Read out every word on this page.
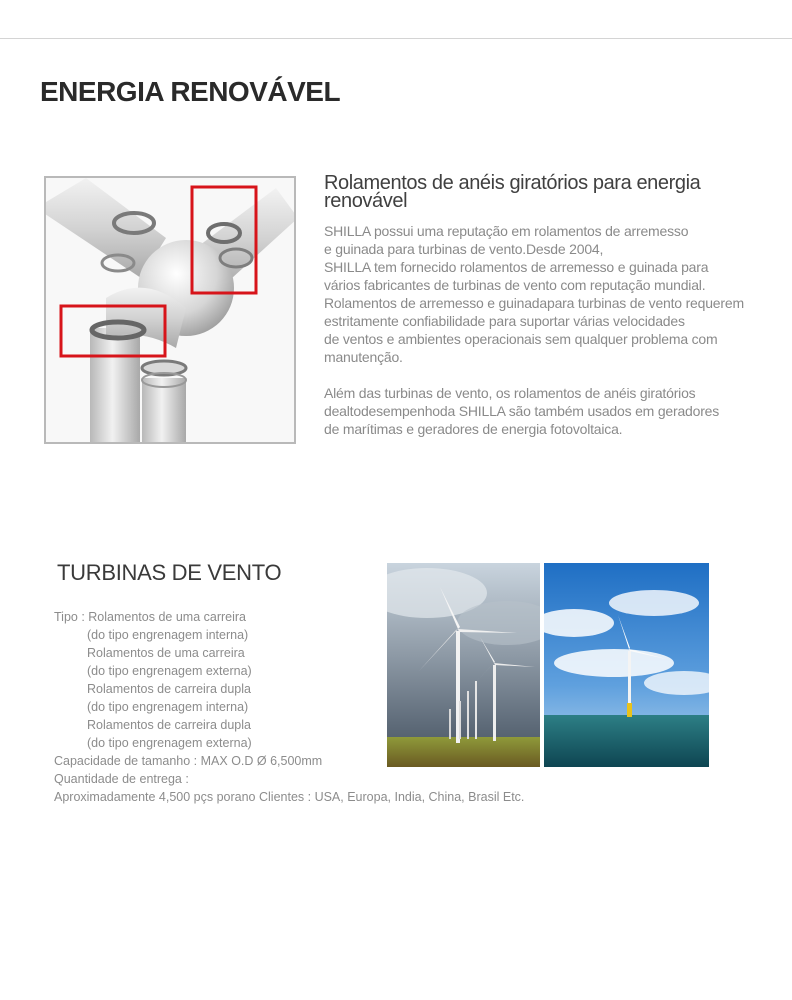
ENERGIA RENOVÁVEL
Rolamentos de anéis giratórios para energia renovável
SHILLA possui uma reputação em rolamentos de arremesso
e guinada para turbinas de vento.Desde 2004,
SHILLA tem fornecido rolamentos de arremesso e guinada para
vários fabricantes de turbinas de vento com reputação mundial.
Rolamentos de arremesso e guinadapara turbinas de vento requerem
estritamente confiabilidade para suportar várias velocidades
de ventos e ambientes operacionais sem qualquer problema com
manutenção.
Além das turbinas de vento, os rolamentos de anéis giratórios
dealtodesempenhoda SHILLA são também usados em geradores
de marítimas e geradores de energia fotovoltaica.
TURBINAS DE VENTO
Tipo : Rolamentos de uma carreira
(do tipo engrenagem interna)
Rolamentos de uma carreira
(do tipo engrenagem externa)
Rolamentos de carreira dupla
(do tipo engrenagem interna)
Rolamentos de carreira dupla
(do tipo engrenagem externa)
Capacidade de tamanho : MAX O.D Ø 6,500mm
Quantidade de entrega :
Aproximadamente 4,500 pçs porano Clientes : USA, Europa, India, China, Brasil Etc.
